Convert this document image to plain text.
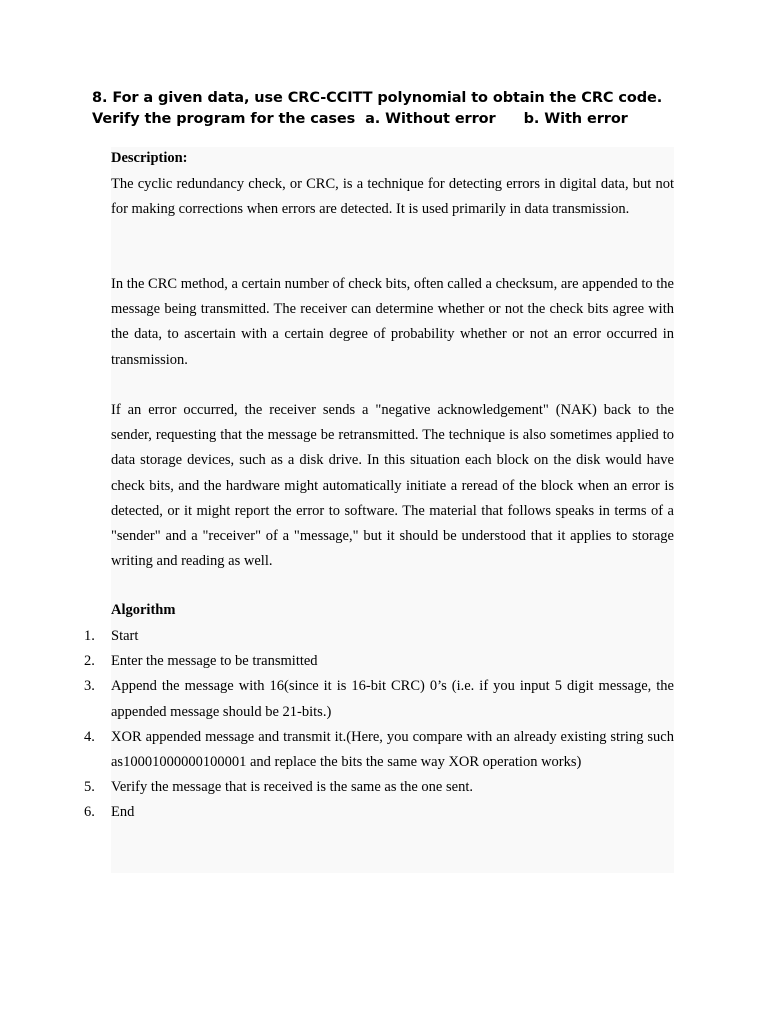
8. For a given data, use CRC-CCITT polynomial to obtain the CRC code. Verify the program for the cases a. Without error b. With error

Description:

The cyclic redundancy check, or CRC, is a technique for detecting errors in digital data, but not for making corrections when errors are detected. It is used primarily in data transmission.

In the CRC method, a certain number of check bits, often called a checksum, are appended to the message being transmitted. The receiver can determine whether or not the check bits agree with the data, to ascertain with a certain degree of probability whether or not an error occurred in transmission.

If an error occurred, the receiver sends a "negative acknowledgement" (NAK) back to the sender, requesting that the message be retransmitted. The technique is also sometimes applied to data storage devices, such as a disk drive. In this situation each block on the disk would have check bits, and the hardware might automatically initiate a reread of the block when an error is detected, or it might report the error to software. The material that follows speaks in terms of a "sender" and a "receiver" of a "message," but it should be understood that it applies to storage writing and reading as well.

Algorithm

1.	Start
2.	Enter the message to be transmitted
3.	Append the message with 16(since it is 16-bit CRC) 0’s (i.e. if you input 5 digit message, the appended message should be 21-bits.)
4.	XOR appended message and transmit it.(Here, you compare with an already existing string such as10001000000100001 and replace the bits the same way XOR operation works)
5.	Verify the message that is received is the same as the one sent.
6.	End
